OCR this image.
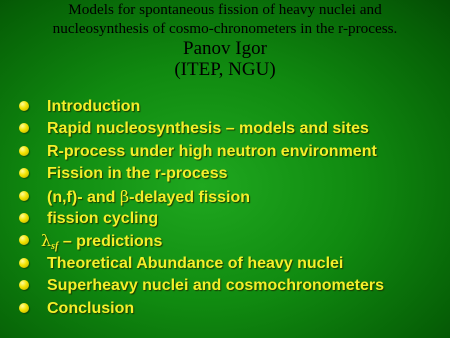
Models for spontaneous fission of heavy nuclei and
nucleosynthesis of cosmo-chronometers in the r-process.
Panov Igor
(ITEP, NGU)
Introduction
Rapid nucleosynthesis – models and sites
R-process under high neutron environment
Fission in the r-process
(n,f)- and β-delayed fission
fission cycling
$\lambda_{sf}$ – predictions
Theoretical Abundance of heavy nuclei
Superheavy nuclei and cosmochronometers
Conclusion
